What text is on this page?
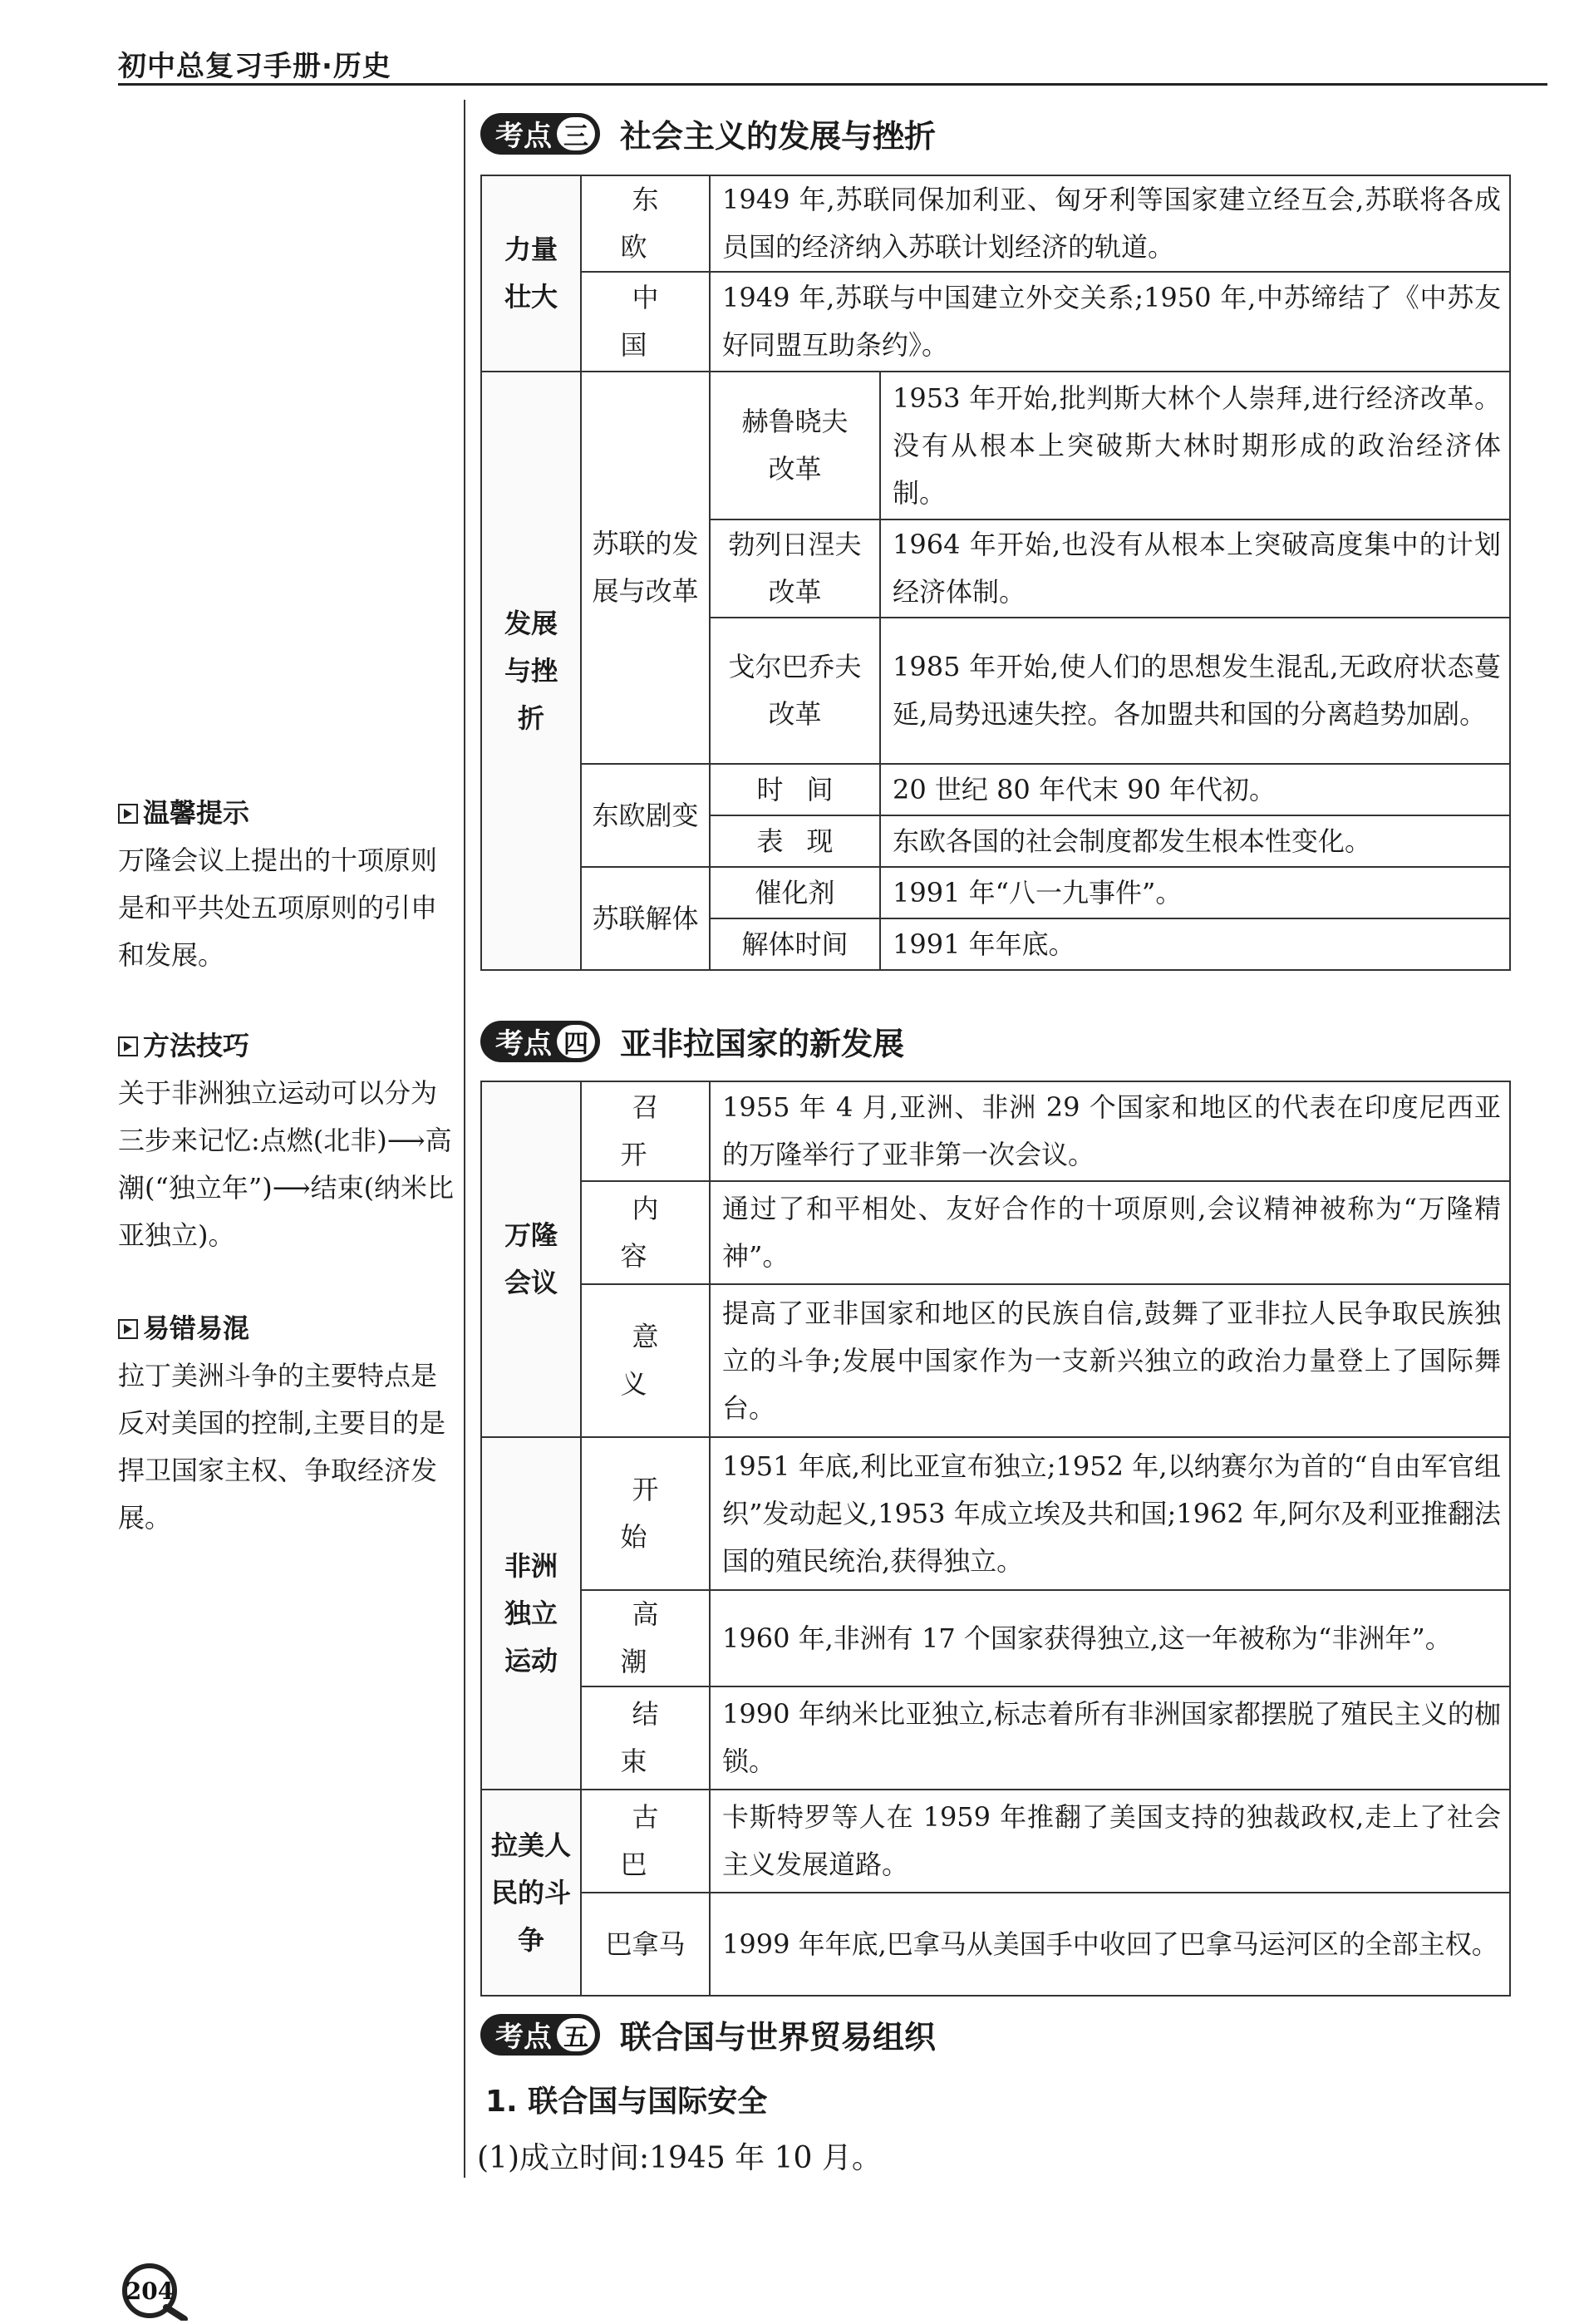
初中总复习手册·历史
温馨提示
万隆会议上提出的十项原则是和平共处五项原则的引申和发展。
方法技巧
关于非洲独立运动可以分为三步来记忆:点燃(北非)⟶高潮(“独立年”)⟶结束(纳米比亚独立)。
易错易混
拉丁美洲斗争的主要特点是反对美国的控制,主要目的是捍卫国家主权、争取经济发展。
考点 三 社会主义的发展与挫折
力量壮大	东欧	1949 年,苏联同保加利亚、匈牙利等国家建立经互会,苏联将各成员国的经济纳入苏联计划经济的轨道。	
	中国	1949 年,苏联与中国建立外交关系;1950 年,中苏缔结了《中苏友好同盟互助条约》。	
发展与挫折	苏联的发展与改革	赫鲁晓夫改革	1953 年开始,批判斯大林个人崇拜,进行经济改革。没有从根本上突破斯大林时期形成的政治经济体制。
		勃列日涅夫改革	1964 年开始,也没有从根本上突破高度集中的计划经济体制。
		戈尔巴乔夫改革	1985 年开始,使人们的思想发生混乱,无政府状态蔓延,局势迅速失控。各加盟共和国的分离趋势加剧。
	东欧剧变	时间	20 世纪 80 年代末 90 年代初。
		表现	东欧各国的社会制度都发生根本性变化。
	苏联解体	催化剂	1991 年“八一九事件”。
		解体时间	1991 年年底。
考点 四 亚非拉国家的新发展
万隆会议	召开	1955 年 4 月,亚洲、非洲 29 个国家和地区的代表在印度尼西亚的万隆举行了亚非第一次会议。
	内容	通过了和平相处、友好合作的十项原则,会议精神被称为“万隆精神”。
	意义	提高了亚非国家和地区的民族自信,鼓舞了亚非拉人民争取民族独立的斗争;发展中国家作为一支新兴独立的政治力量登上了国际舞台。
非洲独立运动	开始	1951 年底,利比亚宣布独立;1952 年,以纳赛尔为首的“自由军官组织”发动起义,1953 年成立埃及共和国;1962 年,阿尔及利亚推翻法国的殖民统治,获得独立。
	高潮	1960 年,非洲有 17 个国家获得独立,这一年被称为“非洲年”。
	结束	1990 年纳米比亚独立,标志着所有非洲国家都摆脱了殖民主义的枷锁。
拉美人民的斗争	古巴	卡斯特罗等人在 1959 年推翻了美国支持的独裁政权,走上了社会主义发展道路。
	巴拿马	1999 年年底,巴拿马从美国手中收回了巴拿马运河区的全部主权。
考点 五 联合国与世界贸易组织
1. 联合国与国际安全
(1)成立时间:1945 年 10 月。
204
